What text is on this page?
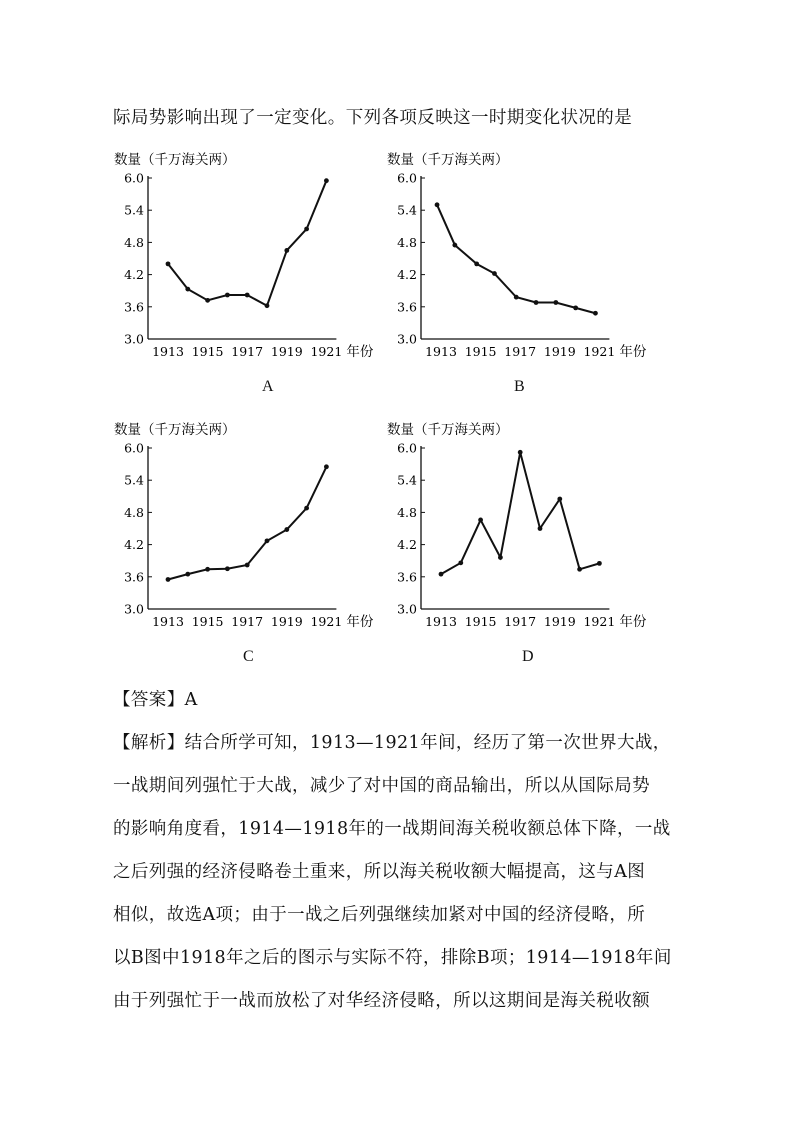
际局势影响出现了一定变化。下列各项反映这一时期变化状况的是
数量（千万海关两）
6.0
5.4
4.8
4.2
3.6
3.0
1913 1915 1917 1919 1921 年份
A
数量（千万海关两）
6.0
5.4
4.8
4.2
3.6
3.0
1913 1915 1917 1919 1921 年份
B
数量（千万海关两）
6.0
5.4
4.8
4.2
3.6
3.0
1913 1915 1917 1919 1921 年份
C
数量（千万海关两）
6.0
5.4
4.8
4.2
3.6
3.0
1913 1915 1917 1919 1921 年份
D
【答案】A
【解析】结合所学可知，1913—1921年间，经历了第一次世界大战，
一战期间列强忙于大战，减少了对中国的商品输出，所以从国际局势
的影响角度看，1914—1918年的一战期间海关税收额总体下降，一战
之后列强的经济侵略卷土重来，所以海关税收额大幅提高，这与A图
相似，故选A项；由于一战之后列强继续加紧对中国的经济侵略，所
以B图中1918年之后的图示与实际不符，排除B项；1914—1918年间
由于列强忙于一战而放松了对华经济侵略，所以这期间是海关税收额
